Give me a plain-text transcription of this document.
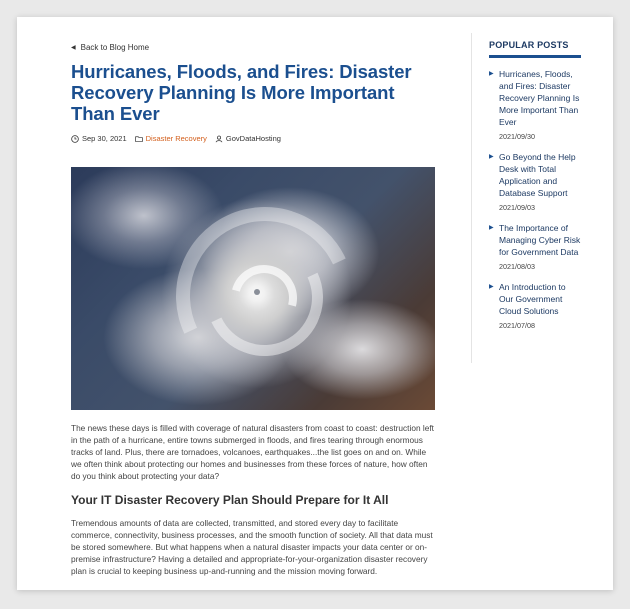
◀ Back to Blog Home
Hurricanes, Floods, and Fires: Disaster Recovery Planning Is More Important Than Ever
Sep 30, 2021	Disaster Recovery	GovDataHosting
The news these days is filled with coverage of natural disasters from coast to coast: destruction left in the path of a hurricane, entire towns submerged in floods, and fires tearing through enormous tracks of land. Plus, there are tornadoes, volcanoes, earthquakes...the list goes on and on. While we often think about protecting our homes and businesses from these forces of nature, how often do you think about protecting your data?
Your IT Disaster Recovery Plan Should Prepare for It All
Tremendous amounts of data are collected, transmitted, and stored every day to facilitate commerce, connectivity, business processes, and the smooth function of society. All that data must be stored somewhere. But what happens when a natural disaster impacts your data center or on-premise infrastructure? Having a detailed and appropriate-for-your-organization disaster recovery plan is crucial to keeping business up-and-running and the mission moving forward.
POPULAR POSTS
▶ Hurricanes, Floods, and Fires: Disaster Recovery Planning Is More Important Than Ever
2021/09/30
▶ Go Beyond the Help Desk with Total Application and Database Support
2021/09/03
▶ The Importance of Managing Cyber Risk for Government Data
2021/08/03
▶ An Introduction to Our Government Cloud Solutions
2021/07/08
